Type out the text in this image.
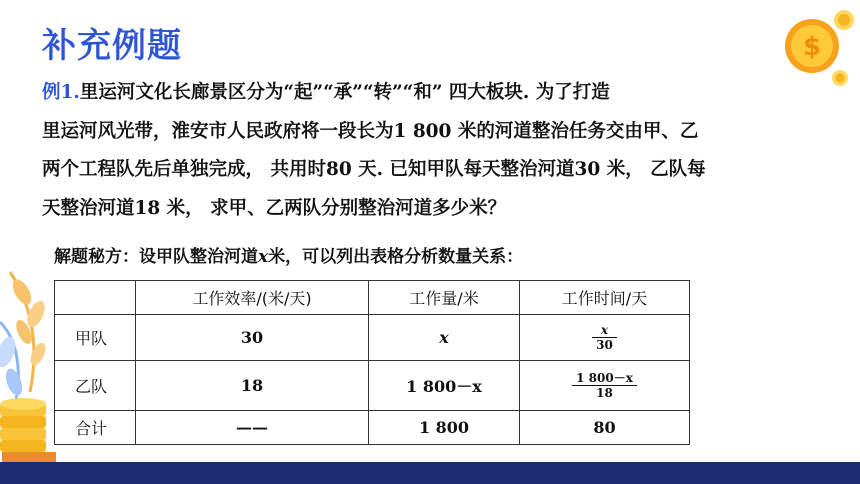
补充例题	$
例1.里运河文化长廊景区分为“起”“承”“转”“和” 四大板块. 为了打造
里运河风光带，淮安市人民政府将一段长为1 800 米的河道整治任务交由甲、乙
两个工程队先后单独完成， 共用时80 天. 已知甲队每天整治河道30 米， 乙队每
天整治河道18 米， 求甲、乙两队分别整治河道多少米？
解题秘方：设甲队整治河道x米，可以列出表格分析数量关系：
	工作效率/(米/天)	工作量/米	工作时间/天
甲队	30	x	$\frac{x}{30}$

乙队	18	1 800－x	$\frac{1 800-x}{18}$

合计	——	1 800	80
